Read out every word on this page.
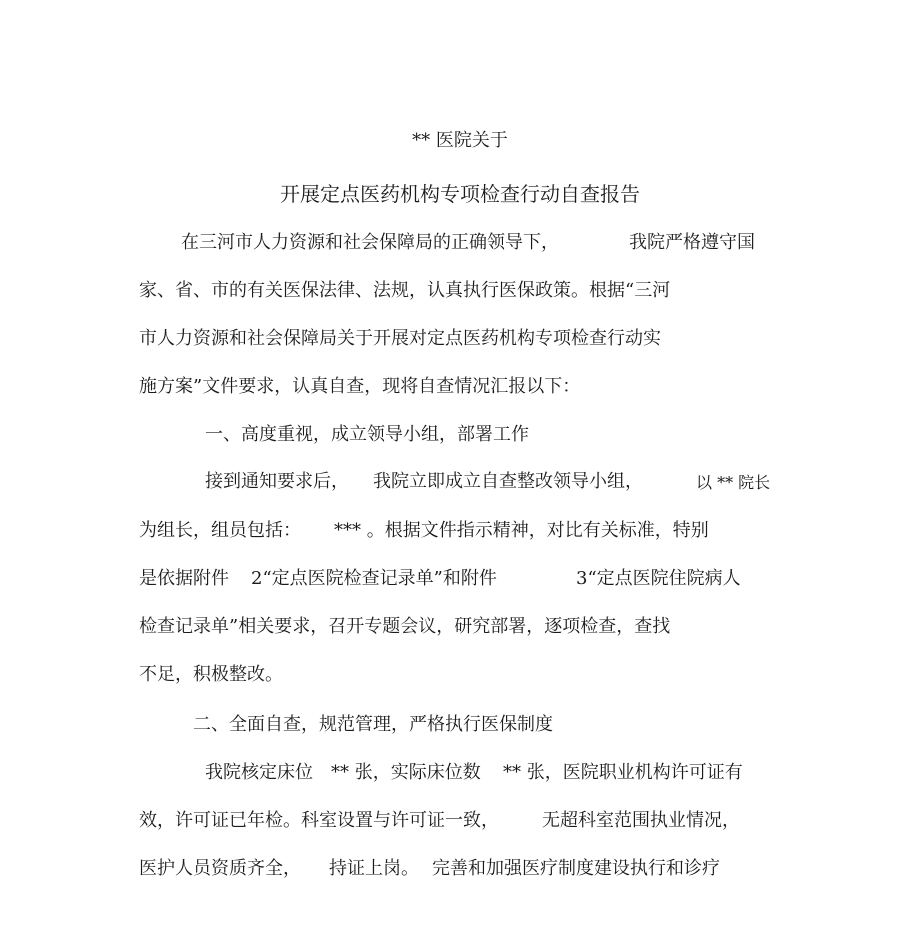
** 医院关于
开展定点医药机构专项检查行动自查报告
在三河市人力资源和社会保障局的正确领导下，	我院严格遵守国
家、省、市的有关医保法律、法规，认真执行医保政策。根据“三河
市人力资源和社会保障局关于开展对定点医药机构专项检查行动实
施方案”文件要求，认真自查，现将自查情况汇报以下：
一、高度重视，成立领导小组，部署工作
接到通知要求后， 我院立即成立自查整改领导小组，	以 ** 院长
为组长，组员包括： *** 。根据文件指示精神，对比有关标准，特别
是依据附件 2“定点医院检查记录单”和附件	3“定点医院住院病人
检查记录单”相关要求，召开专题会议，研究部署，逐项检查，查找
不足，积极整改。
二、全面自查，规范管理，严格执行医保制度
我院核定床位 ** 张，实际床位数 ** 张，医院职业机构许可证有
效，许可证已年检。科室设置与许可证一致， 无超科室范围执业情况，
医护人员资质齐全， 持证上岗。 完善和加强医疗制度建设执行和诊疗
